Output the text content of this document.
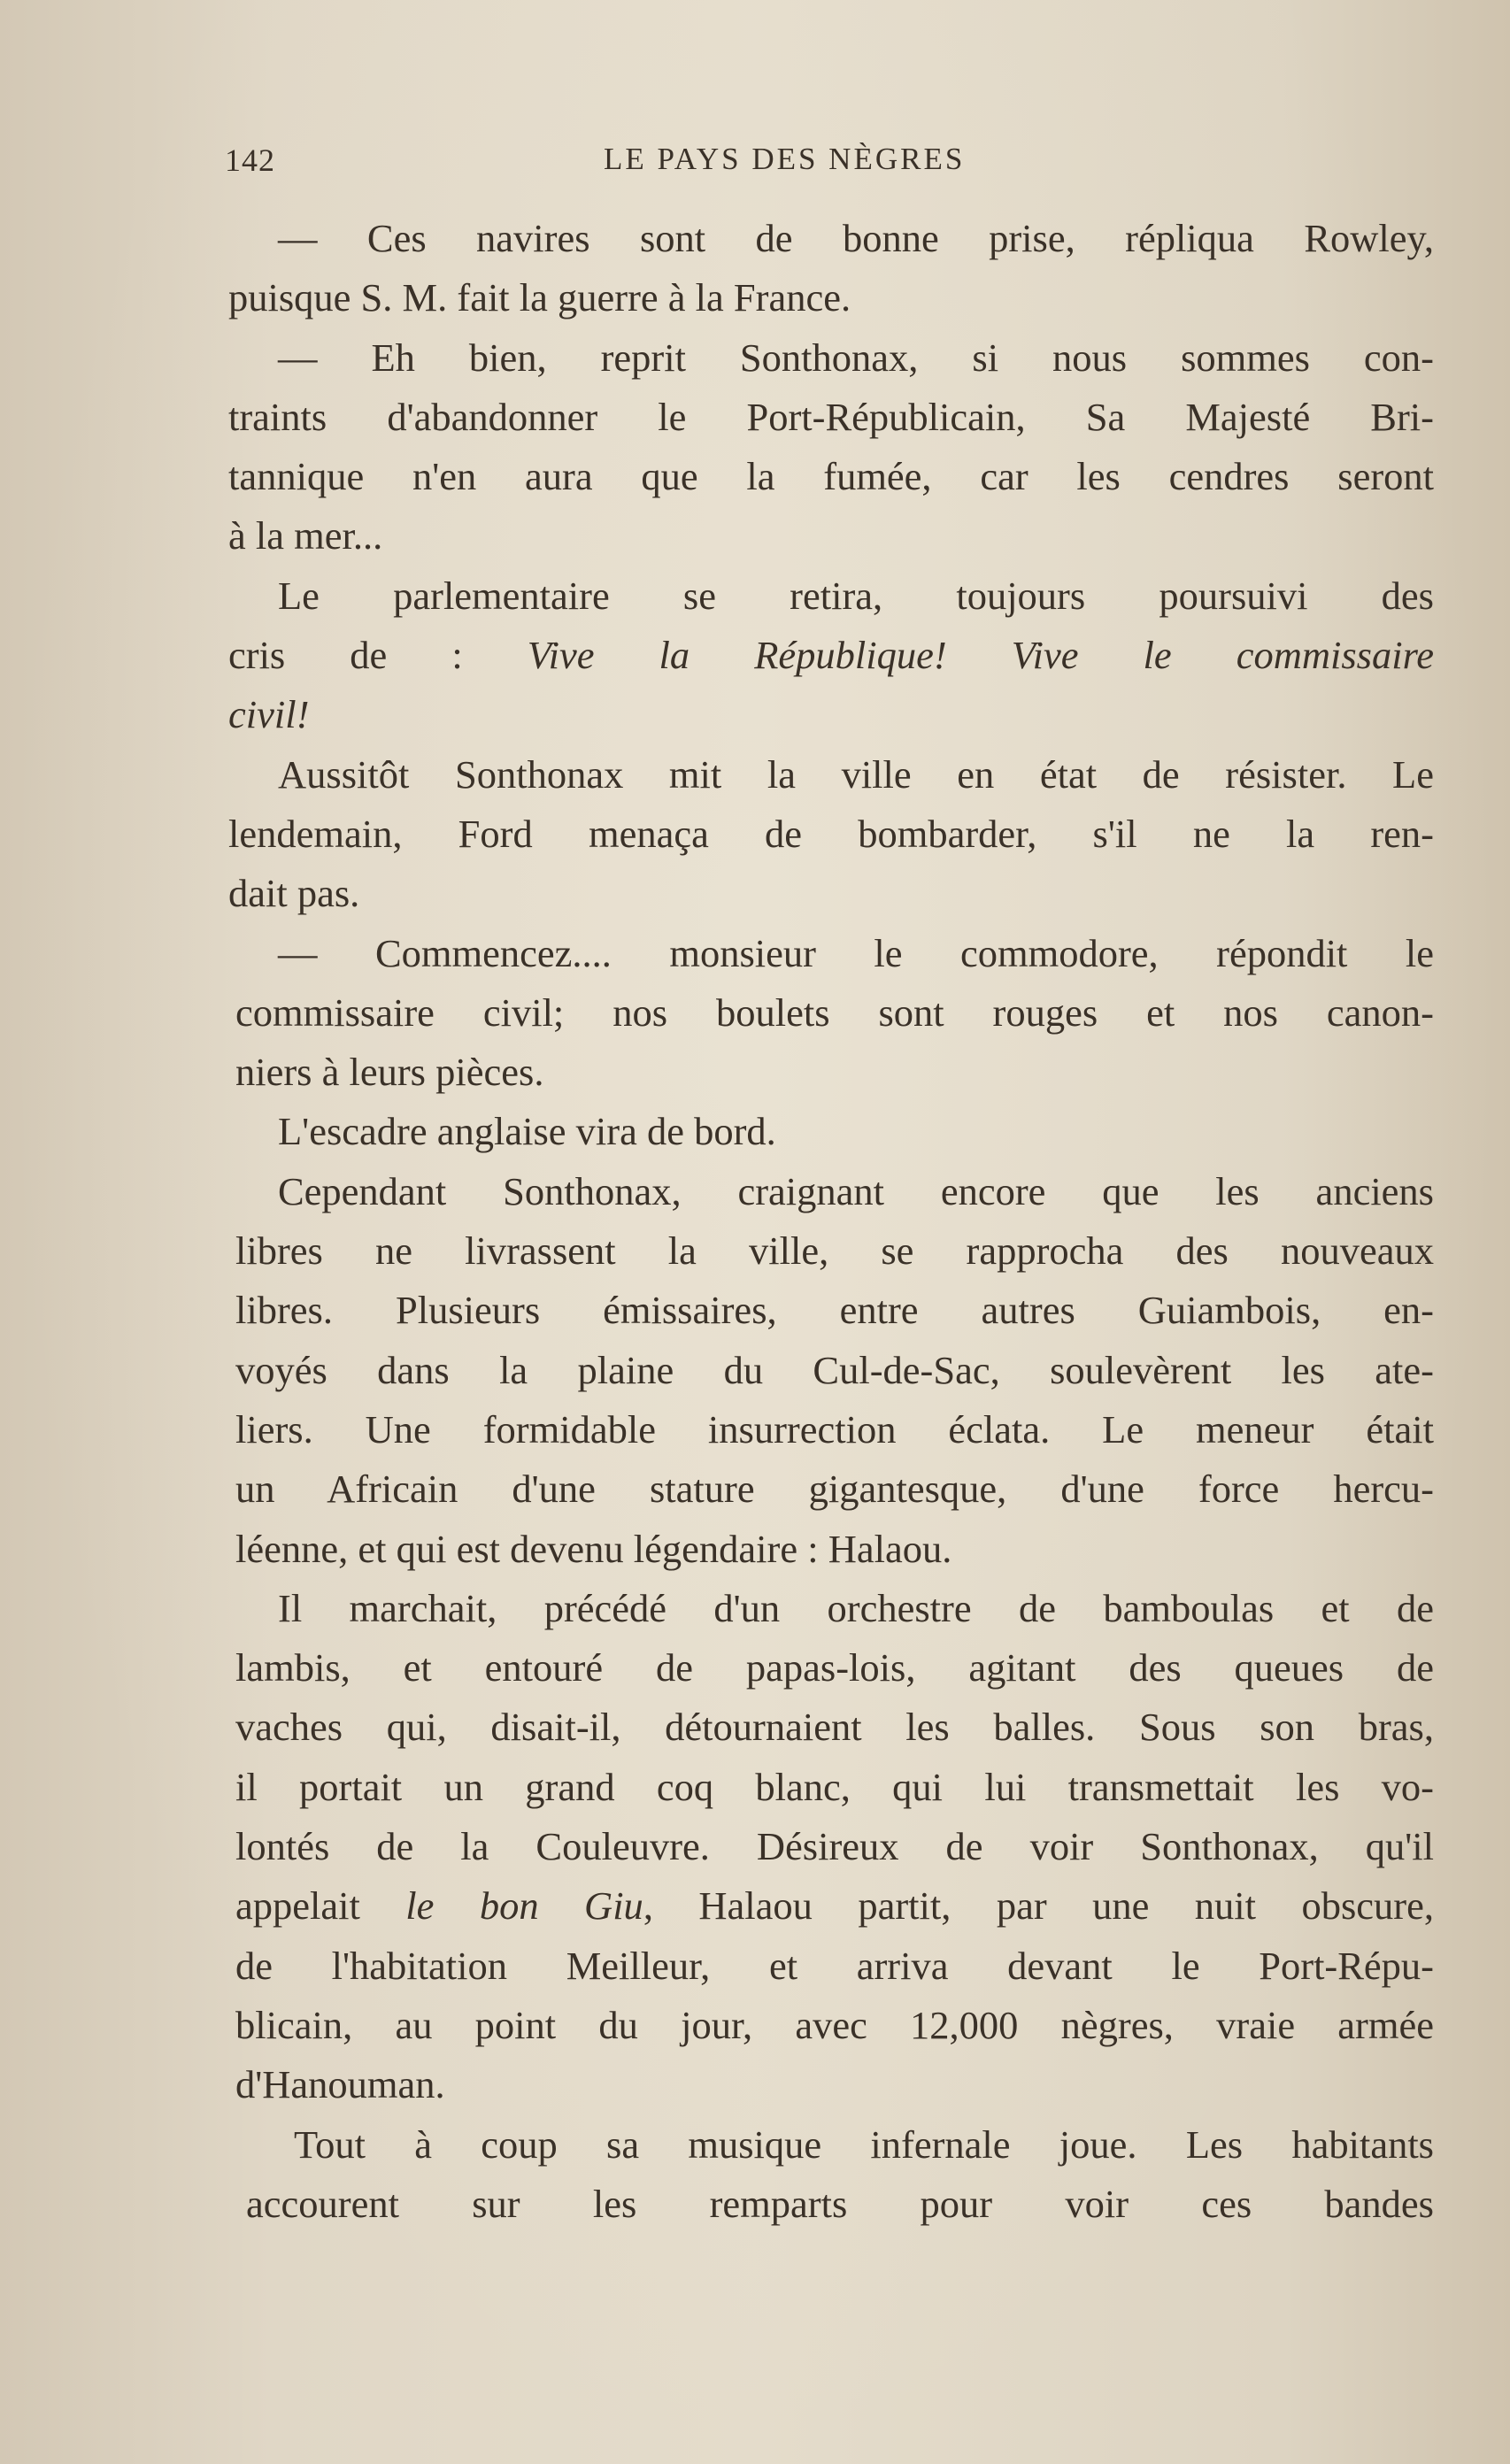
142	LE PAYS DES NÈGRES
— Ces navires sont de bonne prise, répliqua Rowley,
puisque S. M. fait la guerre à la France.
— Eh bien, reprit Sonthonax, si nous sommes con-
traints d'abandonner le Port-Républicain, Sa Majesté Bri-
tannique n'en aura que la fumée, car les cendres seront
à la mer...
Le parlementaire se retira, toujours poursuivi des
cris de : Vive la République! Vive le commissaire
civil!
Aussitôt Sonthonax mit la ville en état de résister. Le
lendemain, Ford menaça de bombarder, s'il ne la ren-
dait pas.
— Commencez.... monsieur le commodore, répondit le
commissaire civil; nos boulets sont rouges et nos canon-
niers à leurs pièces.
L'escadre anglaise vira de bord.
Cependant Sonthonax, craignant encore que les anciens
libres ne livrassent la ville, se rapprocha des nouveaux
libres. Plusieurs émissaires, entre autres Guiambois, en-
voyés dans la plaine du Cul-de-Sac, soulevèrent les ate-
liers. Une formidable insurrection éclata. Le meneur était
un Africain d'une stature gigantesque, d'une force hercu-
léenne, et qui est devenu légendaire : Halaou.
Il marchait, précédé d'un orchestre de bamboulas et de
lambis, et entouré de papas-lois, agitant des queues de
vaches qui, disait-il, détournaient les balles. Sous son bras,
il portait un grand coq blanc, qui lui transmettait les vo-
lontés de la Couleuvre. Désireux de voir Sonthonax, qu'il
appelait le bon Giu, Halaou partit, par une nuit obscure,
de l'habitation Meilleur, et arriva devant le Port-Répu-
blicain, au point du jour, avec 12,000 nègres, vraie armée
d'Hanouman.
Tout à coup sa musique infernale joue. Les habitants
accourent sur les remparts pour voir ces bandes
